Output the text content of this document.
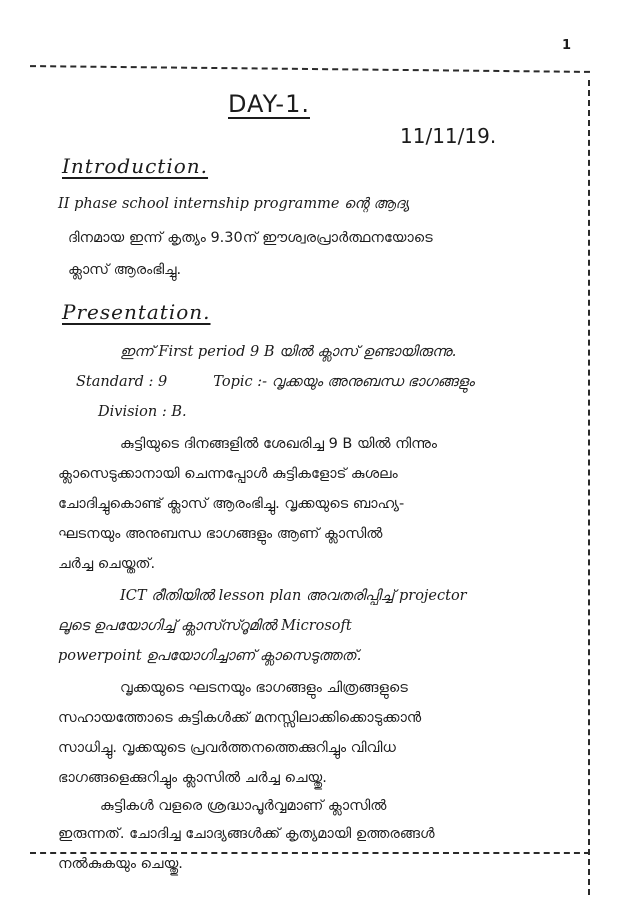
1
DAY-1.
11/11/19.
Introduction.
II phase school internship programme ന്റെ ആദ്യ
ദിനമായ ഇന്ന് കൃത്യം 9.30ന് ഈശ്വരപ്രാർത്ഥനയോടെ
ക്ലാസ് ആരംഭിച്ചു.
Presentation.
ഇന്ന് First period 9 B യിൽ ക്ലാസ് ഉണ്ടായിരുന്നു.
Standard : 9          Topic :- വൃക്കയും അനുബന്ധ ഭാഗങ്ങളും
Division : B.
കുട്ടിയുടെ ദിനങ്ങളിൽ ശേഖരിച്ച 9 B യിൽ നിന്നും
ക്ലാസെടുക്കാനായി ചെന്നപ്പോൾ കുട്ടികളോട് കുശലം
ചോദിച്ചുകൊണ്ട് ക്ലാസ് ആരംഭിച്ചു. വൃക്കയുടെ ബാഹ്യ-
ഘടനയും അനുബന്ധ ഭാഗങ്ങളും ആണ് ക്ലാസിൽ
ചർച്ച ചെയ്തത്.
ICT രീതിയിൽ lesson plan അവതരിപ്പിച്ച് projector
ലൂടെ ഉപയോഗിച്ച് ക്ലാസ്സ്റൂമിൽ Microsoft
powerpoint ഉപയോഗിച്ചാണ് ക്ലാസെടുത്തത്.
വൃക്കയുടെ ഘടനയും ഭാഗങ്ങളും ചിത്രങ്ങളുടെ
സഹായത്തോടെ കുട്ടികൾക്ക് മനസ്സിലാക്കിക്കൊടുക്കാൻ
സാധിച്ചു. വൃക്കയുടെ പ്രവർത്തനത്തെക്കുറിച്ചും വിവിധ
ഭാഗങ്ങളെക്കുറിച്ചും ക്ലാസിൽ ചർച്ച ചെയ്തു.
കുട്ടികൾ വളരെ ശ്രദ്ധാപൂർവ്വമാണ് ക്ലാസിൽ
ഇരുന്നത്. ചോദിച്ച ചോദ്യങ്ങൾക്ക് കൃത്യമായി ഉത്തരങ്ങൾ
നൽകുകയും ചെയ്തു.
